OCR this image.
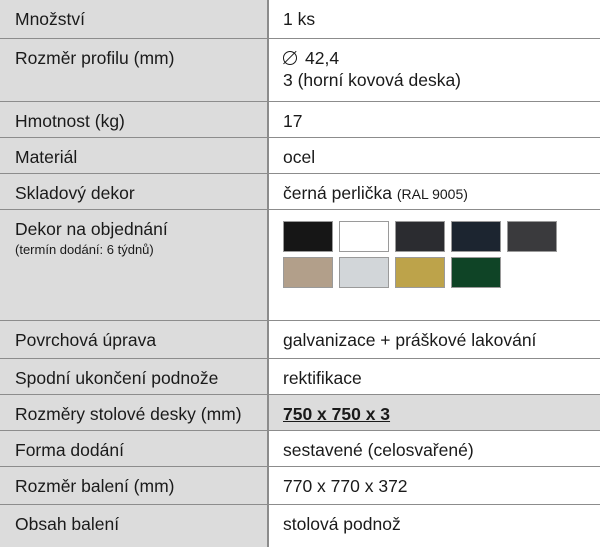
Množství	1 ks

Rozměr profilu (mm)	42,4
3 (horní kovová deska)

Hmotnost (kg)	17

Materiál	ocel

Skladový dekor	černá perlička (RAL 9005)

Dekor na objednání
(termín dodání: 6 týdnů)	

Povrchová úprava	galvanizace + práškové lakování

Spodní ukončení podnože	rektifikace

Rozměry stolové desky (mm)	750 x 750 x 3

Forma dodání	sestavené (celosvařené)

Rozměr balení (mm)	770 x 770 x 372

Obsah balení	stolová podnož
